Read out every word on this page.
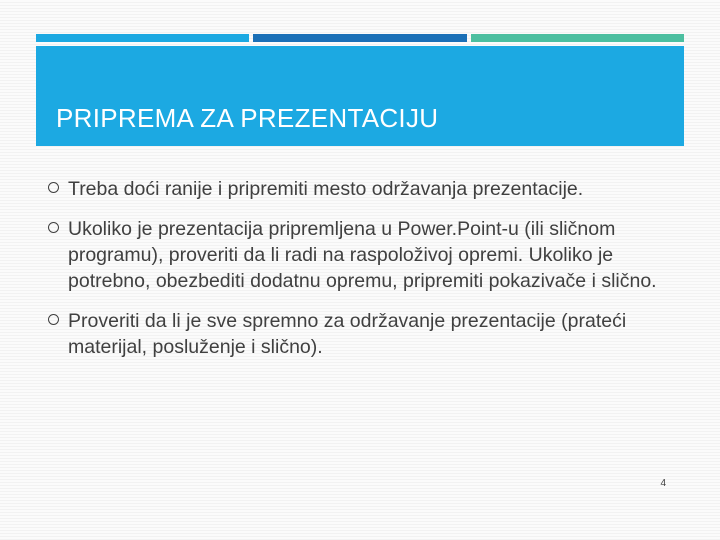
PRIPREMA ZA PREZENTACIJU
Treba doći ranije i pripremiti mesto održavanja prezentacije.
Ukoliko je prezentacija pripremljena u Power.Point-u (ili sličnom programu), proveriti da li radi na raspoloživoj opremi. Ukoliko je potrebno, obezbediti dodatnu opremu, pripremiti pokazivače i slično.
Proveriti da li je sve spremno za održavanje prezentacije (prateći materijal, posluženje i slično).
4
